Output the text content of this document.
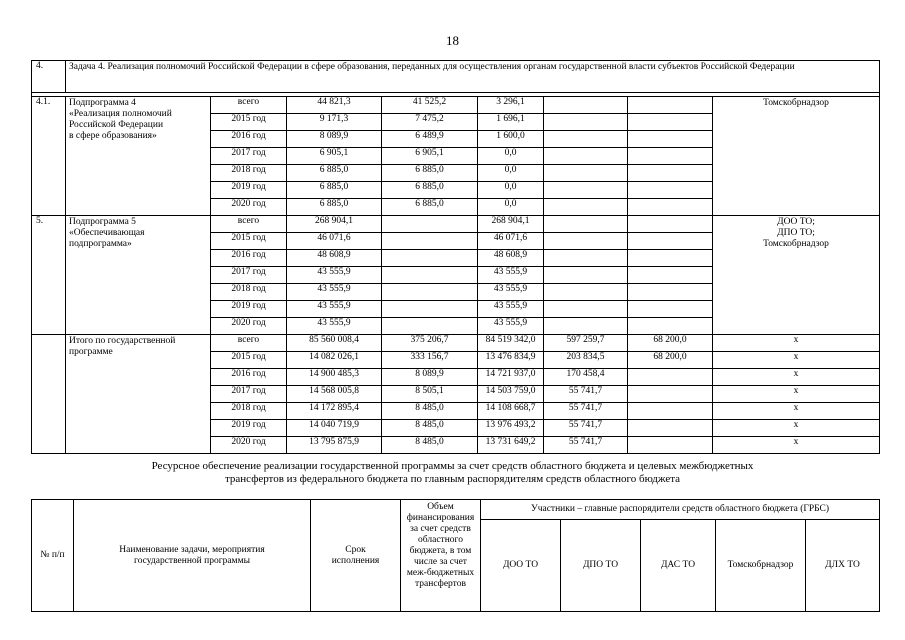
18
4.	Задача 4. Реализация полномочий Российской Федерации в сфере образования, переданных для осуществления органам государственной власти субъектов Российской Федерации							

4.1.	Подпрограмма 4
«Реализация полномочий Российской Федерации
в сфере образования»	всего	44 821,3	41 525,2	3 296,1			Томскобрнадзор
		2015 год	9 171,3	7 475,2	1 696,1			
		2016 год	8 089,9	6 489,9	1 600,0			
		2017 год	6 905,1	6 905,1	0,0			
		2018 год	6 885,0	6 885,0	0,0			
		2019 год	6 885,0	6 885,0	0,0			
		2020 год	6 885,0	6 885,0	0,0			
5.	Подпрограмма 5
«Обеспечивающая подпрограмма»	всего	268 904,1		268 904,1			ДОО ТО;
ДПО ТО;
Томскобрнадзор
		2015 год	46 071,6		46 071,6			
		2016 год	48 608,9		48 608,9			
		2017 год	43 555,9		43 555,9			
		2018 год	43 555,9		43 555,9			
		2019 год	43 555,9		43 555,9			
		2020 год	43 555,9		43 555,9			
	Итого по государственной программе	всего	85 560 008,4	375 206,7	84 519 342,0	597 259,7	68 200,0	х
		2015 год	14 082 026,1	333 156,7	13 476 834,9	203 834,5	68 200,0	х
		2016 год	14 900 485,3	8 089,9	14 721 937,0	170 458,4		х
		2017 год	14 568 005,8	8 505,1	14 503 759,0	55 741,7		х
		2018 год	14 172 895,4	8 485,0	14 108 668,7	55 741,7		х
		2019 год	14 040 719,9	8 485,0	13 976 493,2	55 741,7		х
		2020 год	13 795 875,9	8 485,0	13 731 649,2	55 741,7		х
Ресурсное обеспечение реализации государственной программы за счет средств областного бюджета и целевых межбюджетных
трансфертов из федерального бюджета по главным распорядителям средств областного бюджета
№ п/п	Наименование задачи, мероприятия государственной программы	Срок исполнения	Объем финансирования за счет средств областного бюджета, в том числе за счет меж-бюджетных трансфертов	Участники – главные распорядители средств областного бюджета (ГРБС)				
				ДОО ТО	ДПО ТО	ДАС ТО	Томскобрнадзор	ДЛХ ТО
